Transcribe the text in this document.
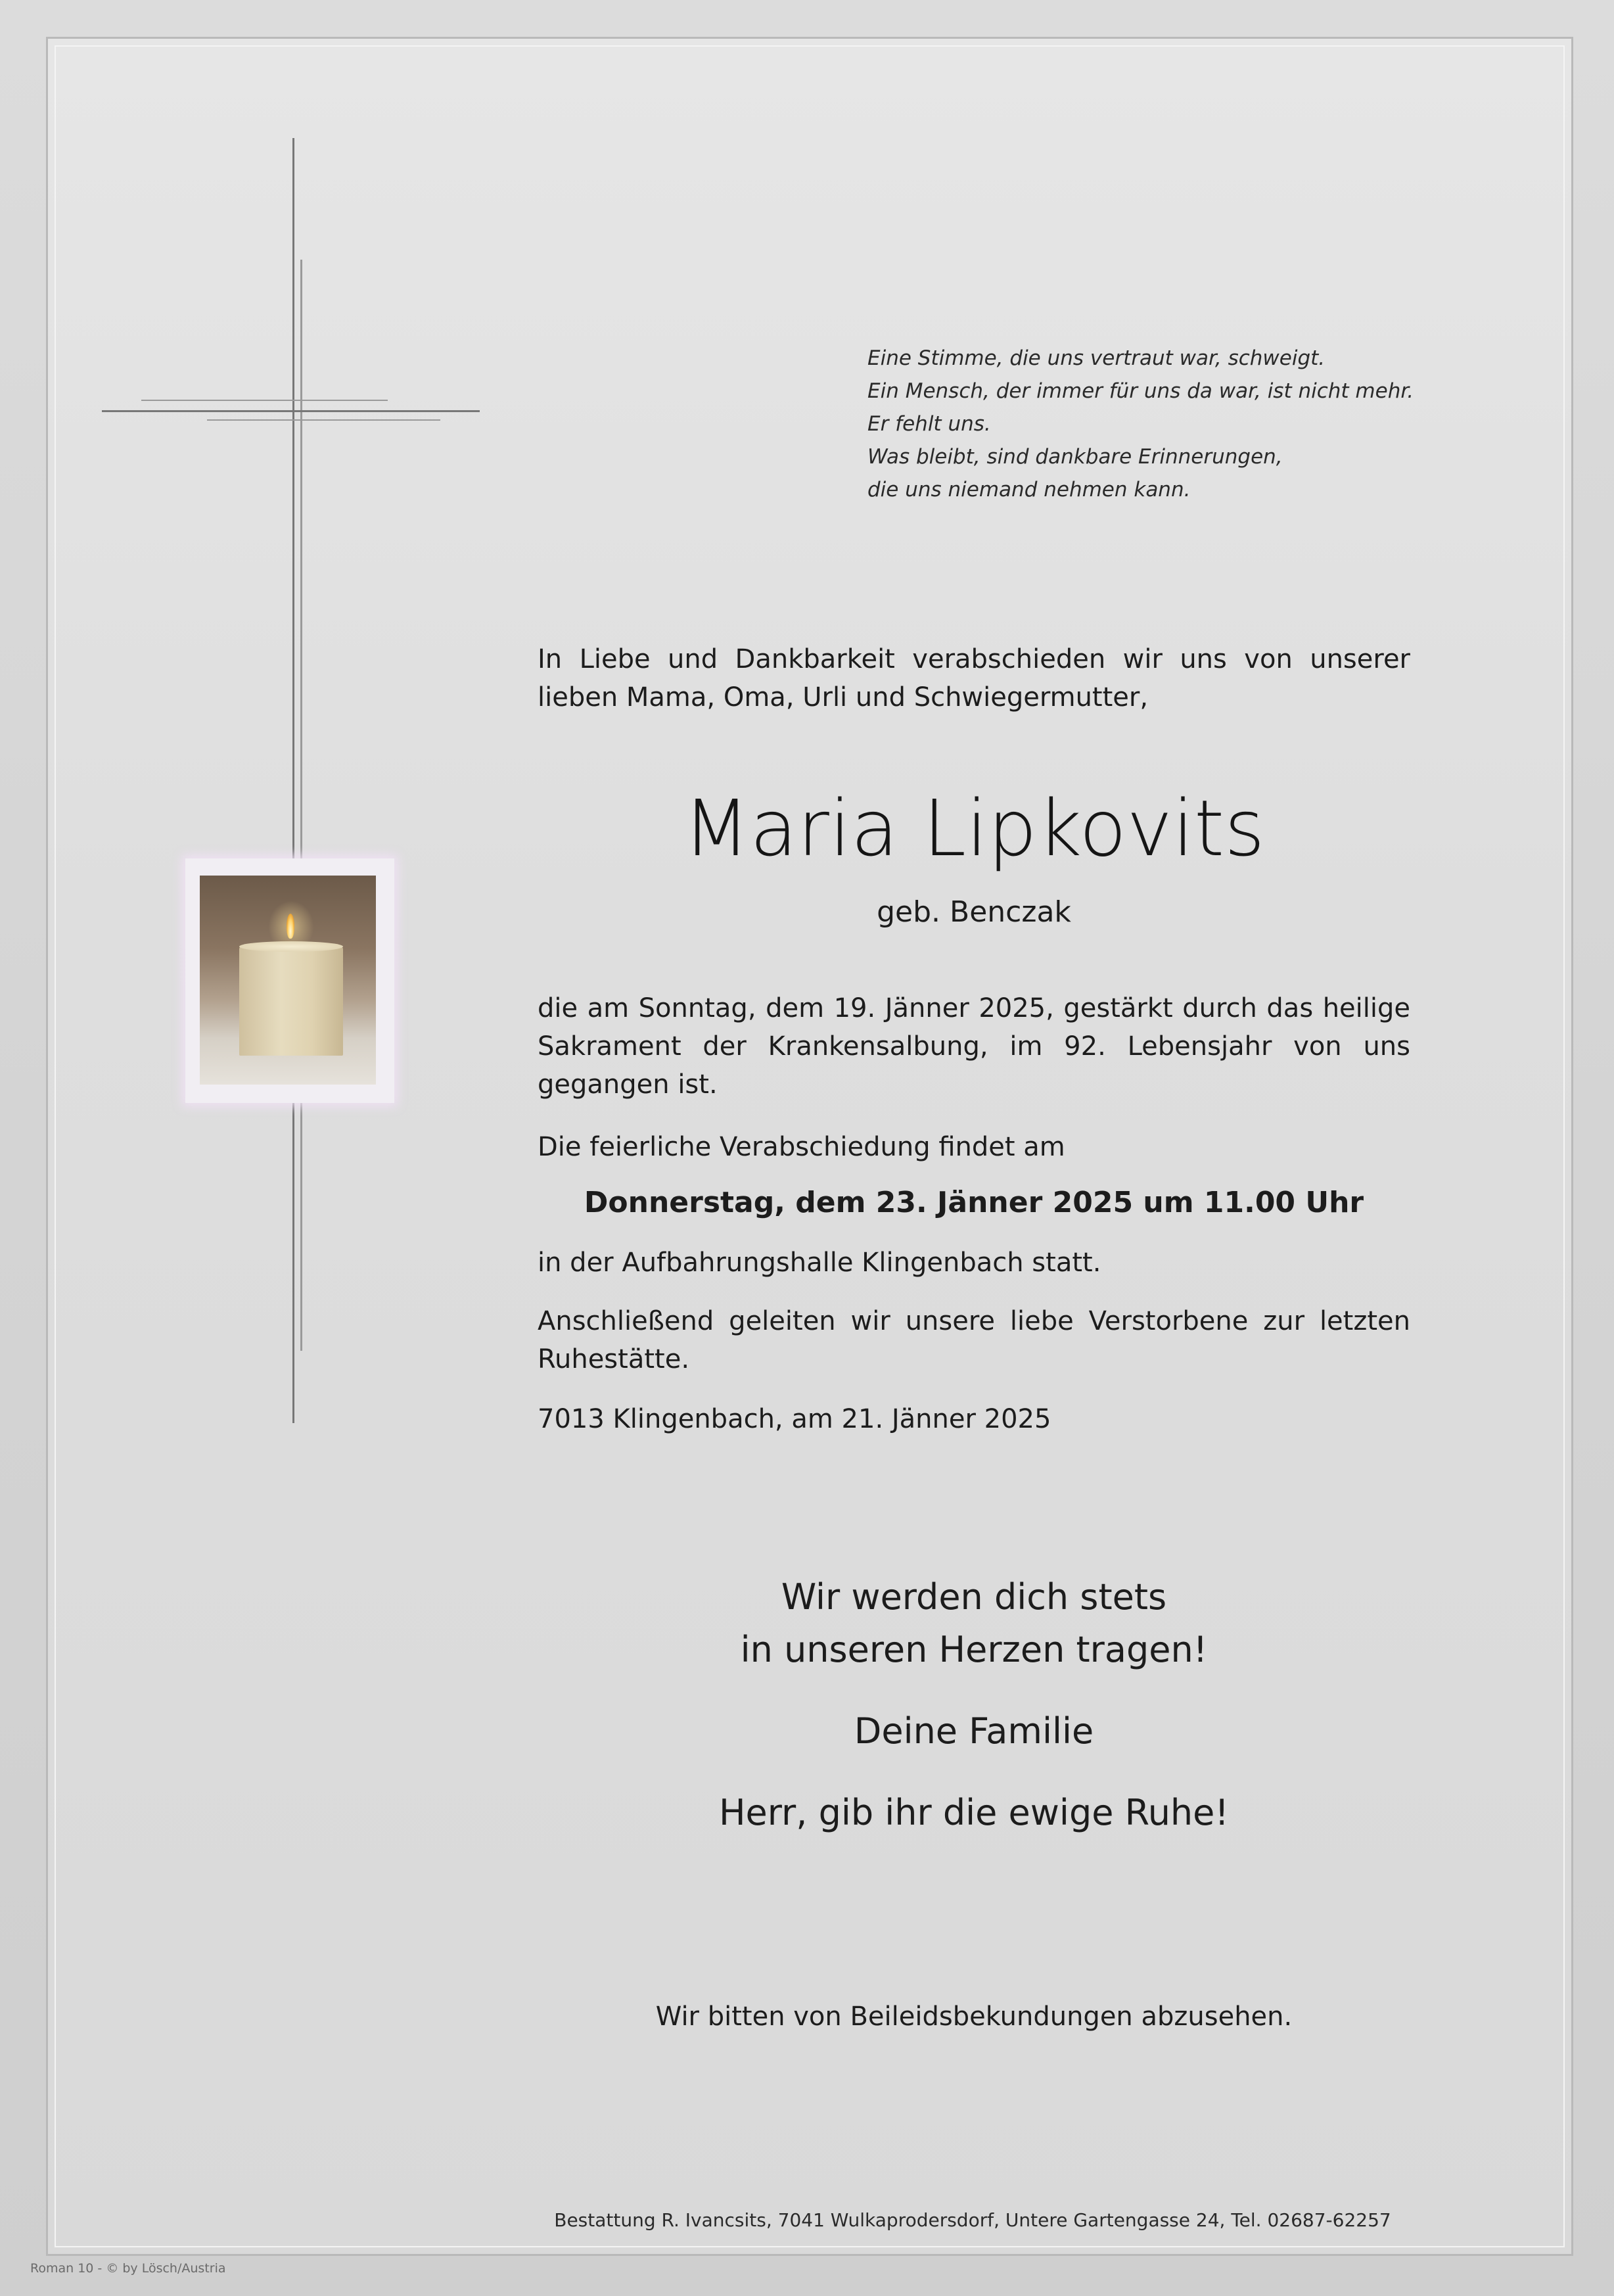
Eine Stimme, die uns vertraut war, schweigt.
Ein Mensch, der immer für uns da war, ist nicht mehr.
Er fehlt uns.
Was bleibt, sind dankbare Erinnerungen,
die uns niemand nehmen kann.
In Liebe und Dankbarkeit verabschieden wir uns von unserer lieben Mama, Oma, Urli und Schwiegermutter,
Maria Lipkovits
geb. Benczak
die am Sonntag, dem 19. Jänner 2025, gestärkt durch das heilige Sakrament der Krankensalbung, im 92. Lebensjahr von uns gegangen ist.
Die feierliche Verabschiedung findet am
Donnerstag, dem 23. Jänner 2025 um 11.00 Uhr
in der Aufbahrungshalle Klingenbach statt.
Anschließend geleiten wir unsere liebe Verstorbene zur letzten Ruhestätte.
7013 Klingenbach, am 21. Jänner 2025
Wir werden dich stets
in unseren Herzen tragen!
Deine Familie
Herr, gib ihr die ewige Ruhe!
Wir bitten von Beileidsbekundungen abzusehen.
Bestattung R. Ivancsits, 7041 Wulkaprodersdorf, Untere Gartengasse 24, Tel. 02687-62257
Roman 10 - © by Lösch/Austria
